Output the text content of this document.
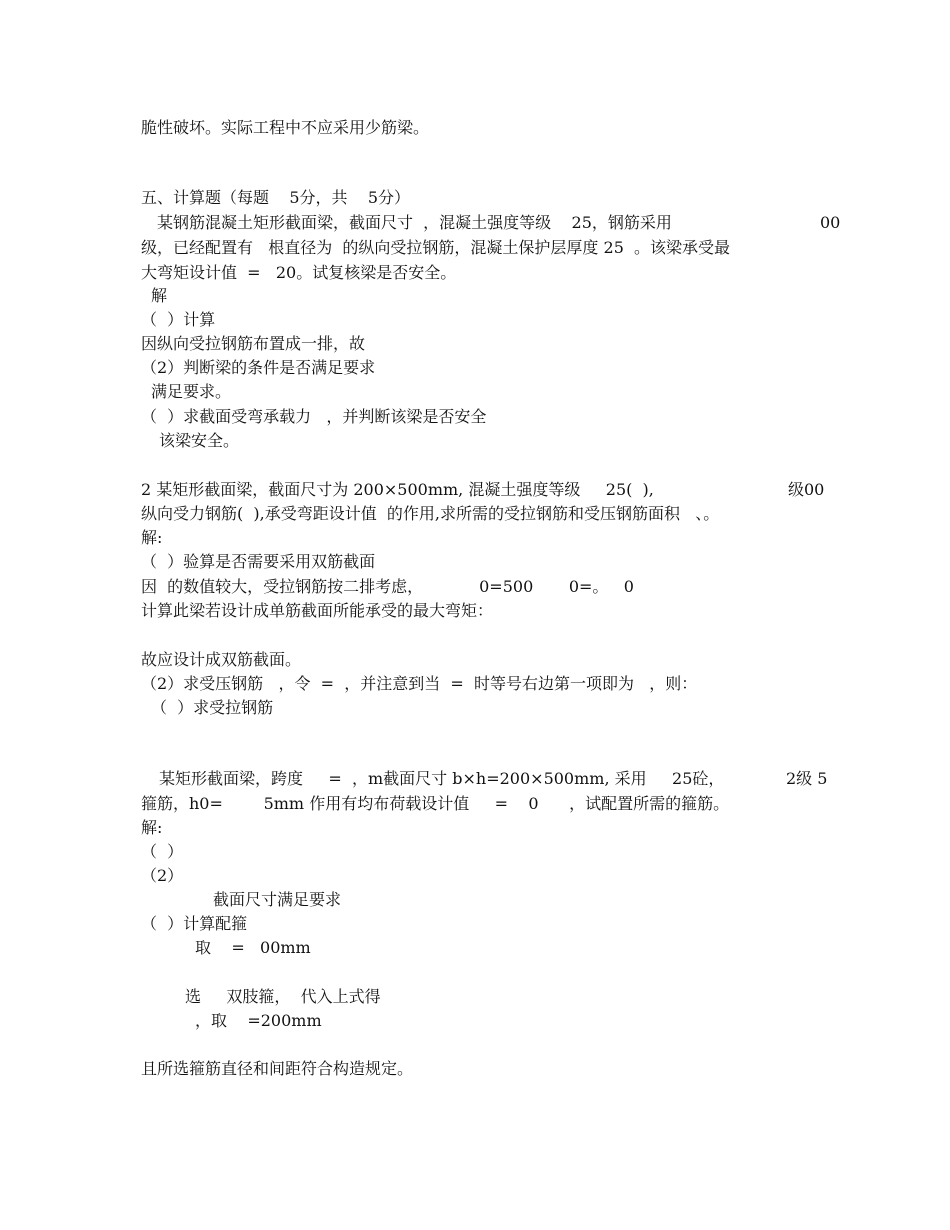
脆性破坏。实际工程中不应采用少筋梁。
五、计算题（每题    5分，共    5分）
某钢筋混凝土矩形截面梁，截面尺寸  ，混凝土强度等级    25，钢筋采用	00
级，已经配置有   根直径为  的纵向受拉钢筋，混凝土保护层厚度 25  。该梁承受最
大弯矩设计值  =   20。试复核梁是否安全。
解
（  ）计算
因纵向受拉钢筋布置成一排，故
（2）判断梁的条件是否满足要求
满足要求。
（  ）求截面受弯承载力   ，并判断该梁是否安全
该梁安全。
2 某矩形截面梁，截面尺寸为 200×500mm, 混凝土强度等级     25(  ),	级00
纵向受力钢筋(  ),承受弯距设计值  的作用,求所需的受拉钢筋和受压钢筋面积   、。
解:
（  ）验算是否需要采用双筋截面
因  的数值较大，受拉钢筋按二排考虑，           0=500       0=。   0
计算此梁若设计成单筋截面所能承受的最大弯矩：
故应设计成双筋截面。
（2）求受压钢筋   ，令  =  ，并注意到当  =  时等号右边第一项即为   ，则：
（  ）求受拉钢筋
某矩形截面梁，跨度     =  ，m截面尺寸 b×h=200×500mm, 采用     25砼，	2级 5
箍筋，h0=        5mm 作用有均布荷载设计值     =    0      ，试配置所需的箍筋。
解:
（  ）
（2）
截面尺寸满足要求
（  ）计算配箍
取    =   00mm
选     双肢箍，  代入上式得
，取    =200mm
且所选箍筋直径和间距符合构造规定。
